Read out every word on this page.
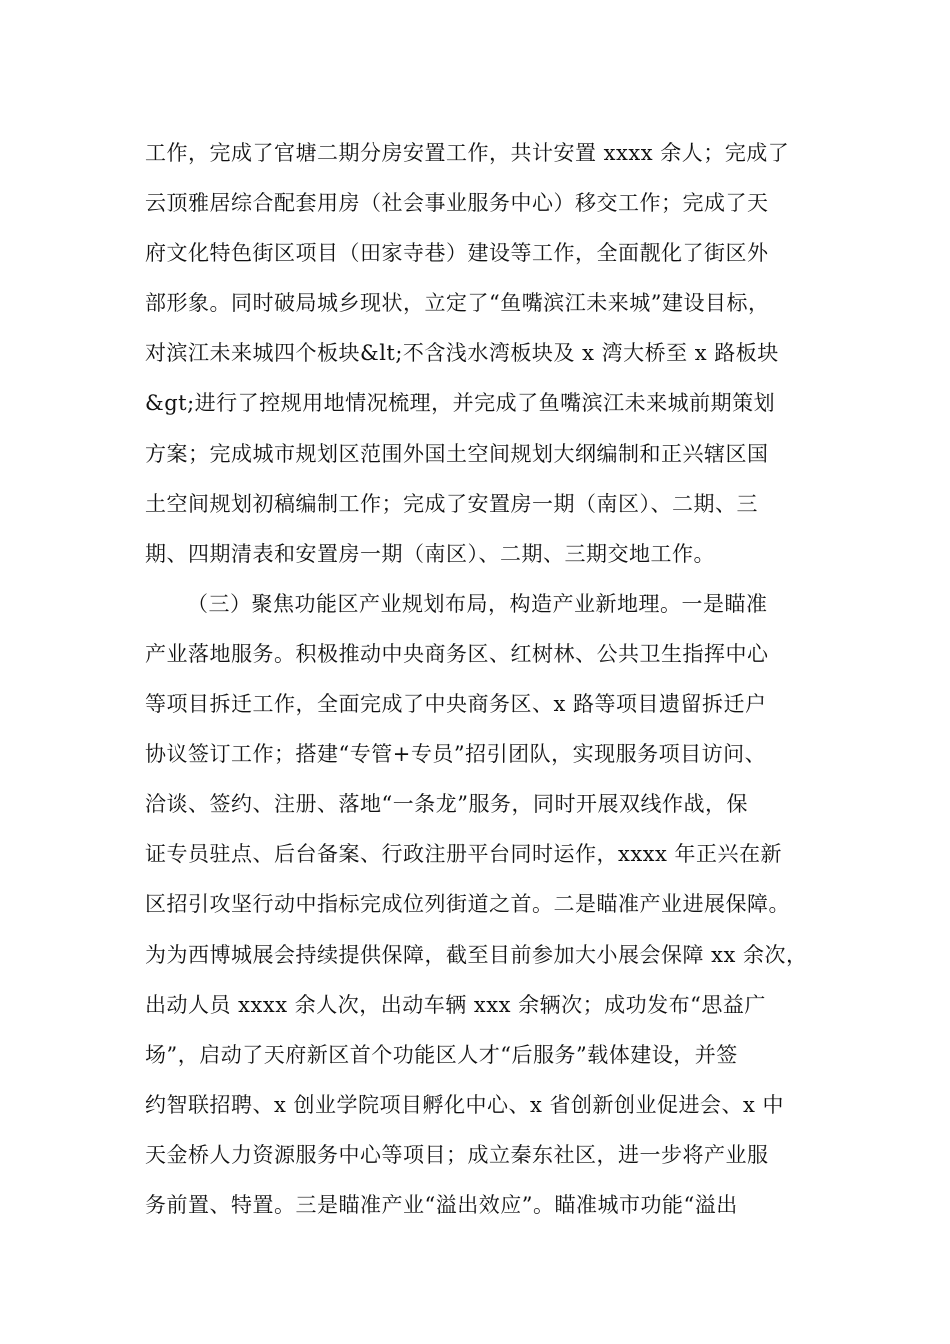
工作，完成了官塘二期分房安置工作，共计安置 xxxx 余人；完成了
云顶雅居综合配套用房（社会事业服务中心）移交工作；完成了天
府文化特色街区项目（田家寺巷）建设等工作，全面靓化了街区外
部形象。同时破局城乡现状，立定了“鱼嘴滨江未来城”建设目标，
对滨江未来城四个板块&lt;不含浅水湾板块及 x 湾大桥至 x 路板块
&gt;进行了控规用地情况梳理，并完成了鱼嘴滨江未来城前期策划
方案；完成城市规划区范围外国土空间规划大纲编制和正兴辖区国
土空间规划初稿编制工作；完成了安置房一期（南区）、二期、三
期、四期清表和安置房一期（南区）、二期、三期交地工作。
（三）聚焦功能区产业规划布局，构造产业新地理。一是瞄准
产业落地服务。积极推动中央商务区、红树林、公共卫生指挥中心
等项目拆迁工作，全面完成了中央商务区、x 路等项目遗留拆迁户
协议签订工作；搭建“专管+专员”招引团队，实现服务项目访问、
洽谈、签约、注册、落地“一条龙”服务，同时开展双线作战，保
证专员驻点、后台备案、行政注册平台同时运作，xxxx 年正兴在新
区招引攻坚行动中指标完成位列街道之首。二是瞄准产业进展保障。
为为西博城展会持续提供保障，截至目前参加大小展会保障 xx 余次，
出动人员 xxxx 余人次，出动车辆 xxx 余辆次；成功发布“思益广
场”，启动了天府新区首个功能区人才“后服务”载体建设，并签
约智联招聘、x 创业学院项目孵化中心、x 省创新创业促进会、x 中
天金桥人力资源服务中心等项目；成立秦东社区，进一步将产业服
务前置、特置。三是瞄准产业“溢出效应”。瞄准城市功能“溢出
